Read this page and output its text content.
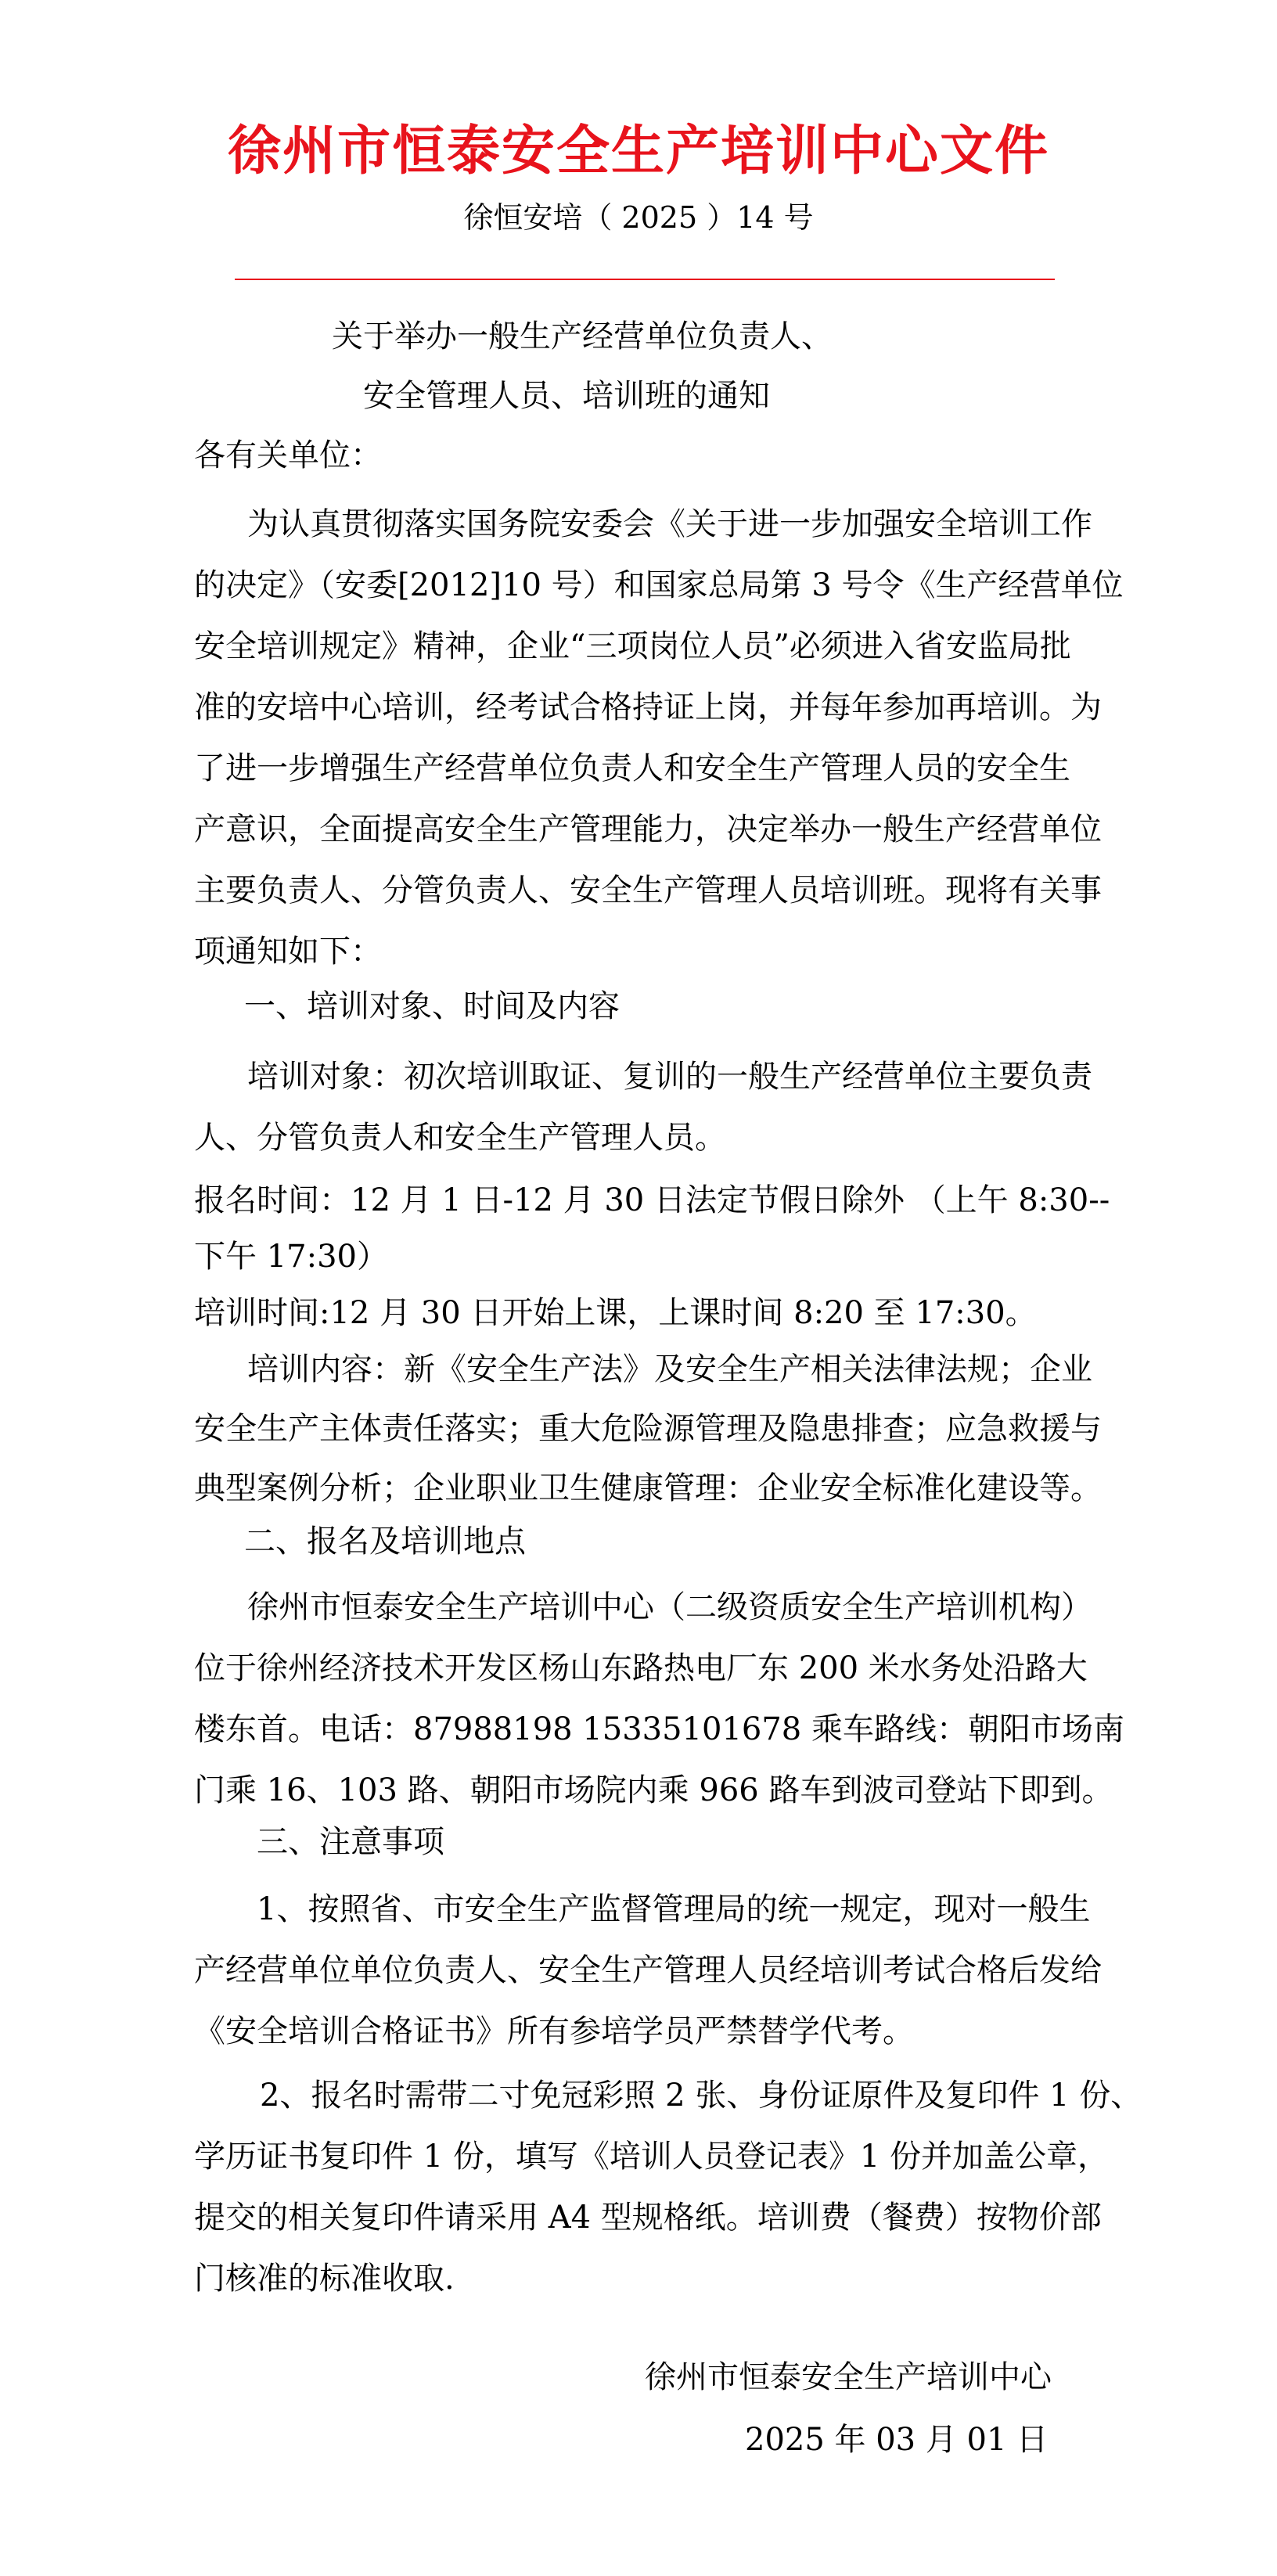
徐州市恒泰安全生产培训中心文件
徐恒安培（ 2025 ）14 号
关于举办一般生产经营单位负责人、
安全管理人员、培训班的通知
各有关单位：
为认真贯彻落实国务院安委会《关于进一步加强安全培训工作
的决定》（安委[2012]10 号）和国家总局第 3 号令《生产经营单位
安全培训规定》精神，企业“三项岗位人员”必须进入省安监局批
准的安培中心培训，经考试合格持证上岗，并每年参加再培训。为
了进一步增强生产经营单位负责人和安全生产管理人员的安全生
产意识，全面提高安全生产管理能力，决定举办一般生产经营单位
主要负责人、分管负责人、安全生产管理人员培训班。现将有关事
项通知如下：
一、培训对象、时间及内容
培训对象：初次培训取证、复训的一般生产经营单位主要负责
人、分管负责人和安全生产管理人员。
报名时间：12 月 1 日-12 月 30 日法定节假日除外 （上午 8:30--
下午 17:30）
培训时间:12 月 30 日开始上课，上课时间 8:20 至 17:30。
培训内容：新《安全生产法》及安全生产相关法律法规；企业
安全生产主体责任落实；重大危险源管理及隐患排查；应急救援与
典型案例分析；企业职业卫生健康管理：企业安全标准化建设等。
二、报名及培训地点
徐州市恒泰安全生产培训中心（二级资质安全生产培训机构）
位于徐州经济技术开发区杨山东路热电厂东 200 米水务处沿路大
楼东首。电话：87988198 15335101678 乘车路线：朝阳市场南
门乘 16、103 路、朝阳市场院内乘 966 路车到波司登站下即到。
三、注意事项
1、按照省、市安全生产监督管理局的统一规定，现对一般生
产经营单位单位负责人、安全生产管理人员经培训考试合格后发给
《安全培训合格证书》所有参培学员严禁替学代考。
2、报名时需带二寸免冠彩照 2 张、身份证原件及复印件 1 份、
学历证书复印件 1 份，填写《培训人员登记表》1 份并加盖公章，
提交的相关复印件请采用 A4 型规格纸。培训费（餐费）按物价部
门核准的标准收取.
徐州市恒泰安全生产培训中心
2025 年 03 月 01 日
